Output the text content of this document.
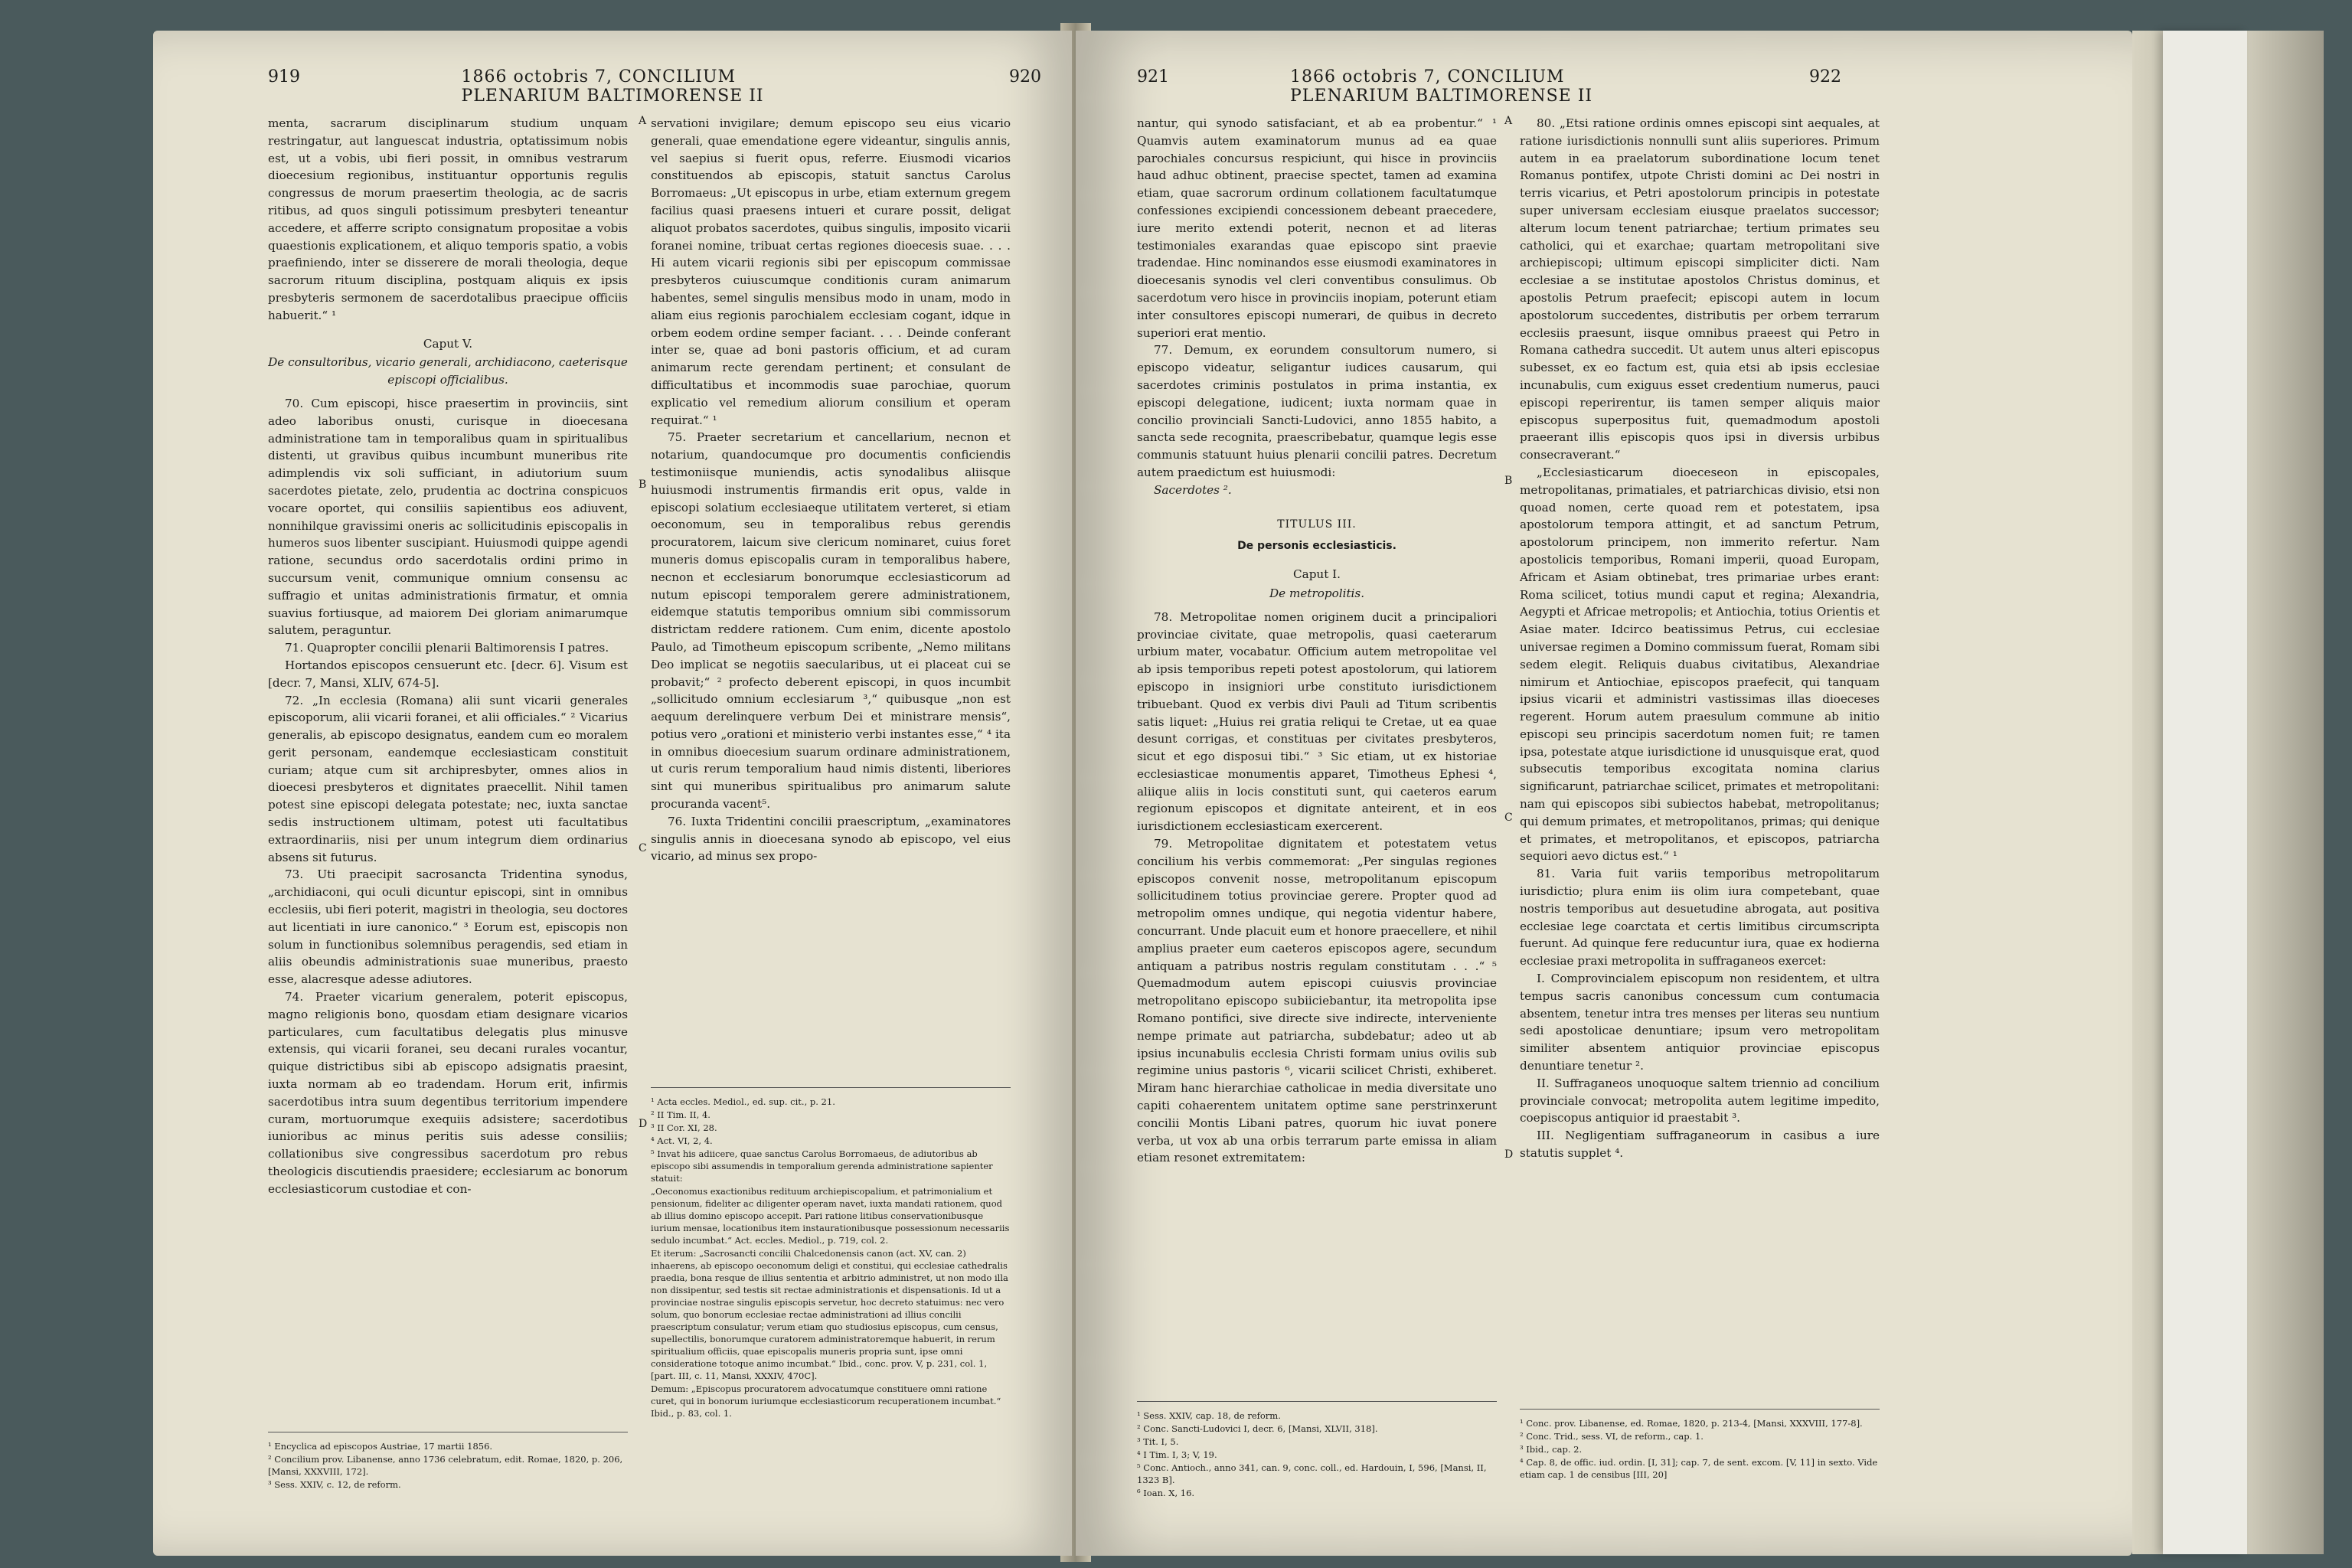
919	1866 octobris 7, CONCILIUM PLENARIUM BALTIMORENSE II
920

menta, sacrarum disciplinarum studium unquam restringatur, aut languescat industria, optatissimum nobis est, ut a vobis, ubi fieri possit, in omnibus vestrarum dioecesium regionibus, instituantur opportunis regulis congressus de morum praesertim theologia, ac de sacris ritibus, ad quos singuli potissimum presbyteri teneantur accedere, et afferre scripto consignatum propositae a vobis quaestionis explicationem, et aliquo temporis spatio, a vobis praefiniendo, inter se disserere de morali theologia, deque sacrorum rituum disciplina, postquam aliquis ex ipsis presbyteris sermonem de sacerdotalibus praecipue officiis habuerit.“ ¹

Caput V.

De consultoribus, vicario generali, archidiacono, caeterisque episcopi officialibus.

70. Cum episcopi, hisce praesertim in provinciis, sint adeo laboribus onusti, curisque in dioecesana administratione tam in temporalibus quam in spiritualibus distenti, ut gravibus quibus incumbunt muneribus rite adimplendis vix soli sufficiant, in adiutorium suum sacerdotes pietate, zelo, prudentia ac doctrina conspicuos vocare oportet, qui consiliis sapientibus eos adiuvent, nonnihilque gravissimi oneris ac sollicitudinis episcopalis in humeros suos libenter suscipiant. Huiusmodi quippe agendi ratione, secundus ordo sacerdotalis ordini primo in succursum venit, communique omnium consensu ac suffragio et unitas administrationis firmatur, et omnia suavius fortiusque, ad maiorem Dei gloriam animarumque salutem, peraguntur.

71. Quapropter concilii plenarii Baltimorensis I patres.

Hortandos episcopos censuerunt etc. [decr. 6]. Visum est [decr. 7, Mansi, XLIV, 674-5].

72. „In ecclesia (Romana) alii sunt vicarii generales episcoporum, alii vicarii foranei, et alii officiales.“ ² Vicarius generalis, ab episcopo designatus, eandem cum eo moralem gerit personam, eandemque ecclesiasticam constituit curiam; atque cum sit archipresbyter, omnes alios in dioecesi presbyteros et dignitates praecellit. Nihil tamen potest sine episcopi delegata potestate; nec, iuxta sanctae sedis instructionem ultimam, potest uti facultatibus extraordinariis, nisi per unum integrum diem ordinarius absens sit futurus.

73. Uti praecipit sacrosancta Tridentina synodus, „archidiaconi, qui oculi dicuntur episcopi, sint in omnibus ecclesiis, ubi fieri poterit, magistri in theologia, seu doctores aut licentiati in iure canonico.“ ³ Eorum est, episcopis non solum in functionibus solemnibus peragendis, sed etiam in aliis obeundis administrationis suae muneribus, praesto esse, alacresque adesse adiutores.

74. Praeter vicarium generalem, poterit episcopus, magno religionis bono, quosdam etiam designare vicarios particulares, cum facultatibus delegatis plus minusve extensis, qui vicarii foranei, seu decani rurales vocantur, quique districtibus sibi ab episcopo adsignatis praesint, iuxta normam ab eo tradendam. Horum erit, infirmis sacerdotibus intra suum degentibus territorium impendere curam, mortuorumque exequiis adsistere; sacerdotibus iunioribus ac minus peritis suis adesse consiliis; collationibus sive congressibus sacerdotum pro rebus theologicis discutiendis praesidere; ecclesiarum ac bonorum ecclesiasticorum custodiae et con-

¹ Encyclica ad episcopos Austriae, 17 martii 1856.
² Concilium prov. Libanense, anno 1736 celebratum, edit. Romae, 1820, p. 206, [Mansi, XXXVIII, 172].
³ Sess. XXIV, c. 12, de reform.
A
B
C
D

servationi invigilare; demum episcopo seu eius vicario generali, quae emendatione egere videantur, singulis annis, vel saepius si fuerit opus, referre. Eiusmodi vicarios constituendos ab episcopis, statuit sanctus Carolus Borromaeus: „Ut episcopus in urbe, etiam externum gregem facilius quasi praesens intueri et curare possit, deligat aliquot probatos sacerdotes, quibus singulis, imposito vicarii foranei nomine, tribuat certas regiones dioecesis suae. . . . Hi autem vicarii regionis sibi per episcopum commissae presbyteros cuiuscumque conditionis curam animarum habentes, semel singulis mensibus modo in unam, modo in aliam eius regionis parochialem ecclesiam cogant, idque in orbem eodem ordine semper faciant. . . . Deinde conferant inter se, quae ad boni pastoris officium, et ad curam animarum recte gerendam pertinent; et consulant de difficultatibus et incommodis suae parochiae, quorum explicatio vel remedium aliorum consilium et operam requirat.“ ¹

75. Praeter secretarium et cancellarium, necnon et notarium, quandocumque pro documentis conficiendis testimoniisque muniendis, actis synodalibus aliisque huiusmodi instrumentis firmandis erit opus, valde in episcopi solatium ecclesiaeque utilitatem verteret, si etiam oeconomum, seu in temporalibus rebus gerendis procuratorem, laicum sive clericum nominaret, cuius foret muneris domus episcopalis curam in temporalibus habere, necnon et ecclesiarum bonorumque ecclesiasticorum ad nutum episcopi temporalem gerere administrationem, eidemque statutis temporibus omnium sibi commissorum districtam reddere rationem. Cum enim, dicente apostolo Paulo, ad Timotheum episcopum scribente, „Nemo militans Deo implicat se negotiis saecularibus, ut ei placeat cui se probavit;“ ² profecto deberent episcopi, in quos incumbit „sollicitudo omnium ecclesiarum ³,“ quibusque „non est aequum derelinquere verbum Dei et ministrare mensis“, potius vero „orationi et ministerio verbi instantes esse,“ ⁴ ita in omnibus dioecesium suarum ordinare administrationem, ut curis rerum temporalium haud nimis distenti, liberiores sint qui muneribus spiritualibus pro animarum salute procuranda vacent⁵.

76. Iuxta Tridentini concilii praescriptum, „examinatores singulis annis in dioecesana synodo ab episcopo, vel eius vicario, ad minus sex propo-

¹ Acta eccles. Mediol., ed. sup. cit., p. 21.
² II Tim. II, 4.
³ II Cor. XI, 28.
⁴ Act. VI, 2, 4.
⁵ Invat his adiicere, quae sanctus Carolus Borromaeus, de adiutoribus ab episcopo sibi assumendis in temporalium gerenda administratione sapienter statuit:
„Oeconomus exactionibus redituum archiepiscopalium, et patrimonialium et pensionum, fideliter ac diligenter operam navet, iuxta mandati rationem, quod ab illius domino episcopo accepit. Pari ratione litibus conservationibusque iurium mensae, locationibus item instaurationibusque possessionum necessariis sedulo incumbat.“ Act. eccles. Mediol., p. 719, col. 2.
Et iterum: „Sacrosancti concilii Chalcedonensis canon (act. XV, can. 2) inhaerens, ab episcopo oeconomum deligi et constitui, qui ecclesiae cathedralis praedia, bona resque de illius sententia et arbitrio administret, ut non modo illa non dissipentur, sed testis sit rectae administrationis et dispensationis. Id ut a provinciae nostrae singulis episcopis servetur, hoc decreto statuimus: nec vero solum, quo bonorum ecclesiae rectae administrationi ad illius concilii praescriptum consulatur; verum etiam quo studiosius episcopus, cum census, supellectilis, bonorumque curatorem administratoremque habuerit, in rerum spiritualium officiis, quae episcopalis muneris propria sunt, ipse omni consideratione totoque animo incumbat.“ Ibid., conc. prov. V, p. 231, col. 1, [part. III, c. 11, Mansi, XXXIV, 470C].
Demum: „Episcopus procuratorem advocatumque constituere omni ratione curet, qui in bonorum iuriumque ecclesiasticorum recuperationem incumbat.“ Ibid., p. 83, col. 1.
921	1866 octobris 7, CONCILIUM PLENARIUM BALTIMORENSE II
922

nantur, qui synodo satisfaciant, et ab ea probentur.“ ¹ Quamvis autem examinatorum munus ad ea quae parochiales concursus respiciunt, qui hisce in provinciis haud adhuc obtinent, praecise spectet, tamen ad examina etiam, quae sacrorum ordinum collationem facultatumque confessiones excipiendi concessionem debeant praecedere, iure merito extendi poterit, necnon et ad literas testimoniales exarandas quae episcopo sint praevie tradendae. Hinc nominandos esse eiusmodi examinatores in dioecesanis synodis vel cleri conventibus consulimus. Ob sacerdotum vero hisce in provinciis inopiam, poterunt etiam inter consultores episcopi numerari, de quibus in decreto superiori erat mentio.

77. Demum, ex eorundem consultorum numero, si episcopo videatur, seligantur iudices causarum, qui sacerdotes criminis postulatos in prima instantia, ex episcopi delegatione, iudicent; iuxta normam quae in concilio provinciali Sancti-Ludovici, anno 1855 habito, a sancta sede recognita, praescribebatur, quamque legis esse communis statuunt huius plenarii concilii patres. Decretum autem praedictum est huiusmodi:

Sacerdotes ².

TITULUS III.

De personis ecclesiasticis.

Caput I.

De metropolitis.

78. Metropolitae nomen originem ducit a principaliori provinciae civitate, quae metropolis, quasi caeterarum urbium mater, vocabatur. Officium autem metropolitae vel ab ipsis temporibus repeti potest apostolorum, qui latiorem episcopo in insigniori urbe constituto iurisdictionem tribuebant. Quod ex verbis divi Pauli ad Titum scribentis satis liquet: „Huius rei gratia reliqui te Cretae, ut ea quae desunt corrigas, et constituas per civitates presbyteros, sicut et ego disposui tibi.“ ³ Sic etiam, ut ex historiae ecclesiasticae monumentis apparet, Timotheus Ephesi ⁴, aliique aliis in locis constituti sunt, qui caeteros earum regionum episcopos et dignitate anteirent, et in eos iurisdictionem ecclesiasticam exercerent.

79. Metropolitae dignitatem et potestatem vetus concilium his verbis commemorat: „Per singulas regiones episcopos convenit nosse, metropolitanum episcopum sollicitudinem totius provinciae gerere. Propter quod ad metropolim omnes undique, qui negotia videntur habere, concurrant. Unde placuit eum et honore praecellere, et nihil amplius praeter eum caeteros episcopos agere, secundum antiquam a patribus nostris regulam constitutam . . .“ ⁵ Quemadmodum autem episcopi cuiusvis provinciae metropolitano episcopo subiiciebantur, ita metropolita ipse Romano pontifici, sive directe sive indirecte, interveniente nempe primate aut patriarcha, subdebatur; adeo ut ab ipsius incunabulis ecclesia Christi formam unius ovilis sub regimine unius pastoris ⁶, vicarii scilicet Christi, exhiberet. Miram hanc hierarchiae catholicae in media diversitate uno capiti cohaerentem unitatem optime sane perstrinxerunt concilii Montis Libani patres, quorum hic iuvat ponere verba, ut vox ab una orbis terrarum parte emissa in aliam etiam resonet extremitatem:

¹ Sess. XXIV, cap. 18, de reform.
² Conc. Sancti-Ludovici I, decr. 6, [Mansi, XLVII, 318].
³ Tit. I, 5.
⁴ I Tim. I, 3; V, 19.
⁵ Conc. Antioch., anno 341, can. 9, conc. coll., ed. Hardouin, I, 596, [Mansi, II, 1323 B].
⁶ Ioan. X, 16.
A
B
C
D

80. „Etsi ratione ordinis omnes episcopi sint aequales, at ratione iurisdictionis nonnulli sunt aliis superiores. Primum autem in ea praelatorum subordinatione locum tenet Romanus pontifex, utpote Christi domini ac Dei nostri in terris vicarius, et Petri apostolorum principis in potestate super universam ecclesiam eiusque praelatos successor; alterum locum tenent patriarchae; tertium primates seu catholici, qui et exarchae; quartam metropolitani sive archiepiscopi; ultimum episcopi simpliciter dicti. Nam ecclesiae a se institutae apostolos Christus dominus, et apostolis Petrum praefecit; episcopi autem in locum apostolorum succedentes, distributis per orbem terrarum ecclesiis praesunt, iisque omnibus praeest qui Petro in Romana cathedra succedit. Ut autem unus alteri episcopus subesset, ex eo factum est, quia etsi ab ipsis ecclesiae incunabulis, cum exiguus esset credentium numerus, pauci episcopi reperirentur, iis tamen semper aliquis maior episcopus superpositus fuit, quemadmodum apostoli praeerant illis episcopis quos ipsi in diversis urbibus consecraverant.“

„Ecclesiasticarum dioeceseon in episcopales, metropolitanas, primatiales, et patriarchicas divisio, etsi non quoad nomen, certe quoad rem et potestatem, ipsa apostolorum tempora attingit, et ad sanctum Petrum, apostolorum principem, non immerito refertur. Nam apostolicis temporibus, Romani imperii, quoad Europam, Africam et Asiam obtinebat, tres primariae urbes erant: Roma scilicet, totius mundi caput et regina; Alexandria, Aegypti et Africae metropolis; et Antiochia, totius Orientis et Asiae mater. Idcirco beatissimus Petrus, cui ecclesiae universae regimen a Domino commissum fuerat, Romam sibi sedem elegit. Reliquis duabus civitatibus, Alexandriae nimirum et Antiochiae, episcopos praefecit, qui tanquam ipsius vicarii et administri vastissimas illas dioeceses regerent. Horum autem praesulum commune ab initio episcopi seu principis sacerdotum nomen fuit; re tamen ipsa, potestate atque iurisdictione id unusquisque erat, quod subsecutis temporibus excogitata nomina clarius significarunt, patriarchae scilicet, primates et metropolitani: nam qui episcopos sibi subiectos habebat, metropolitanus; qui demum primates, et metropolitanos, primas; qui denique et primates, et metropolitanos, et episcopos, patriarcha sequiori aevo dictus est.“ ¹

81. Varia fuit variis temporibus metropolitarum iurisdictio; plura enim iis olim iura competebant, quae nostris temporibus aut desuetudine abrogata, aut positiva ecclesiae lege coarctata et certis limitibus circumscripta fuerunt. Ad quinque fere reducuntur iura, quae ex hodierna ecclesiae praxi metropolita in suffraganeos exercet:

I. Comprovincialem episcopum non residentem, et ultra tempus sacris canonibus concessum cum contumacia absentem, tenetur intra tres menses per literas seu nuntium sedi apostolicae denuntiare; ipsum vero metropolitam similiter absentem antiquior provinciae episcopus denuntiare tenetur ².

II. Suffraganeos unoquoque saltem triennio ad concilium provinciale convocat; metropolita autem legitime impedito, coepiscopus antiquior id praestabit ³.

III. Negligentiam suffraganeorum in casibus a iure statutis supplet ⁴.

¹ Conc. prov. Libanense, ed. Romae, 1820, p. 213-4, [Mansi, XXXVIII, 177-8].
² Conc. Trid., sess. VI, de reform., cap. 1.
³ Ibid., cap. 2.
⁴ Cap. 8, de offic. iud. ordin. [I, 31]; cap. 7, de sent. excom. [V, 11] in sexto. Vide etiam cap. 1 de censibus [III, 20]
